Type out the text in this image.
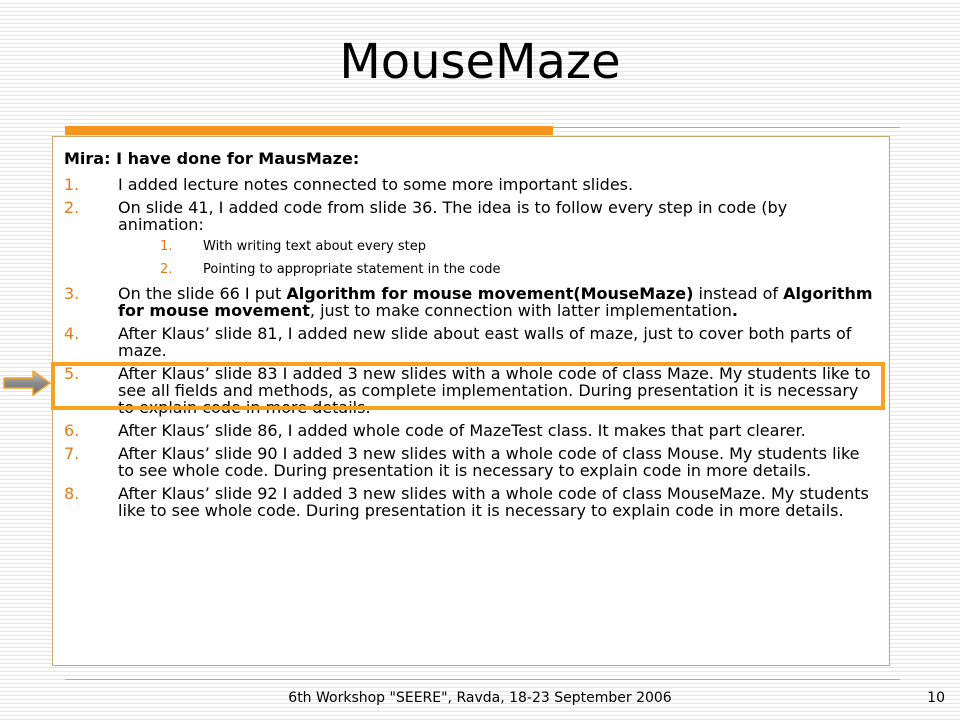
MouseMaze
Mira: I have done for MausMaze:
1. I added lecture notes connected to some more important slides.
2. On slide 41, I added code from slide 36. The idea is to follow every step in code (by animation:
1. With writing text about every step
2. Pointing to appropriate statement in the code
3. On the slide 66 I put Algorithm for mouse movement(MouseMaze) instead of Algorithm for mouse movement, just to make connection with latter implementation.
4. After Klaus’ slide 81, I added new slide about east walls of maze, just to cover both parts of maze.
5. After Klaus’ slide 83 I added 3 new slides with a whole code of class Maze. My students like to see all fields and methods, as complete implementation. During presentation it is necessary to explain code in more details.
6. After Klaus’ slide 86, I added whole code of MazeTest class. It makes that part clearer.
7. After Klaus’ slide 90 I added 3 new slides with a whole code of class Mouse. My students like to see whole code. During presentation it is necessary to explain code in more details.
8. After Klaus’ slide 92 I added 3 new slides with a whole code of class MouseMaze. My students like to see whole code. During presentation it is necessary to explain code in more details.
6th Workshop "SEERE", Ravda, 18-23 September 2006	10
